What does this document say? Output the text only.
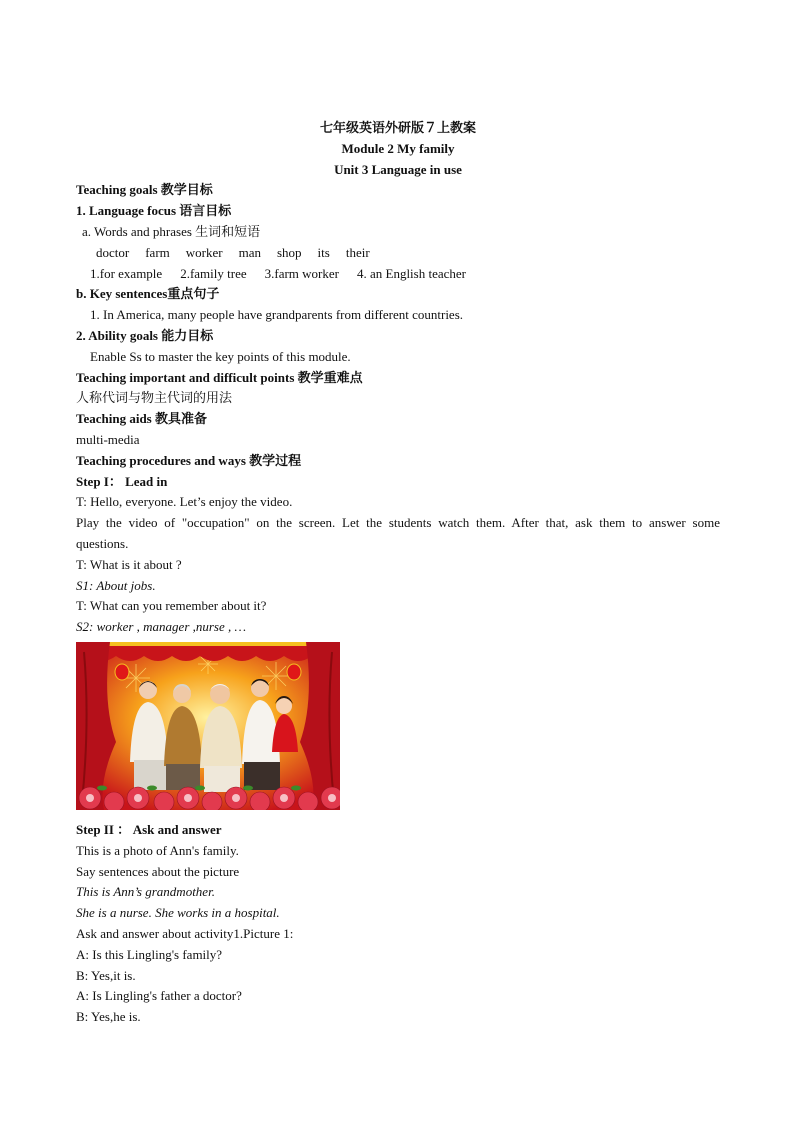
七年级英语外研版７上教案
Module 2 My family
Unit 3 Language in use
Teaching goals 教学目标
1. Language focus 语言目标
a. Words and phrases 生词和短语
doctor farm worker man shop its their
1.for example 2.family tree 3.farm worker 4. an English teacher
b. Key sentences重点句子
1. In America, many people have grandparents from different countries.
2. Ability goals 能力目标
Enable Ss to master the key points of this module.
Teaching important and difficult points 教学重难点
人称代词与物主代词的用法
Teaching aids 教具准备
multi-media
Teaching procedures and ways 教学过程
Step I： Lead in
T: Hello, everyone. Let’s enjoy the video.
Play the video of "occupation" on the screen. Let the students watch them. After that, ask them to answer some
questions.
T: What is it about ?
S1: About jobs.
T: What can you remember about it?
S2: worker , manager ,nurse , …
Step II ： Ask and answer
This is a photo of Ann's family.
Say sentences about the picture
This is Ann’s grandmother.
She is a nurse. She works in a hospital.
Ask and answer about activity1.Picture 1:
A: Is this Lingling's family?
B: Yes,it is.
A: Is Lingling's father a doctor?
B: Yes,he is.
